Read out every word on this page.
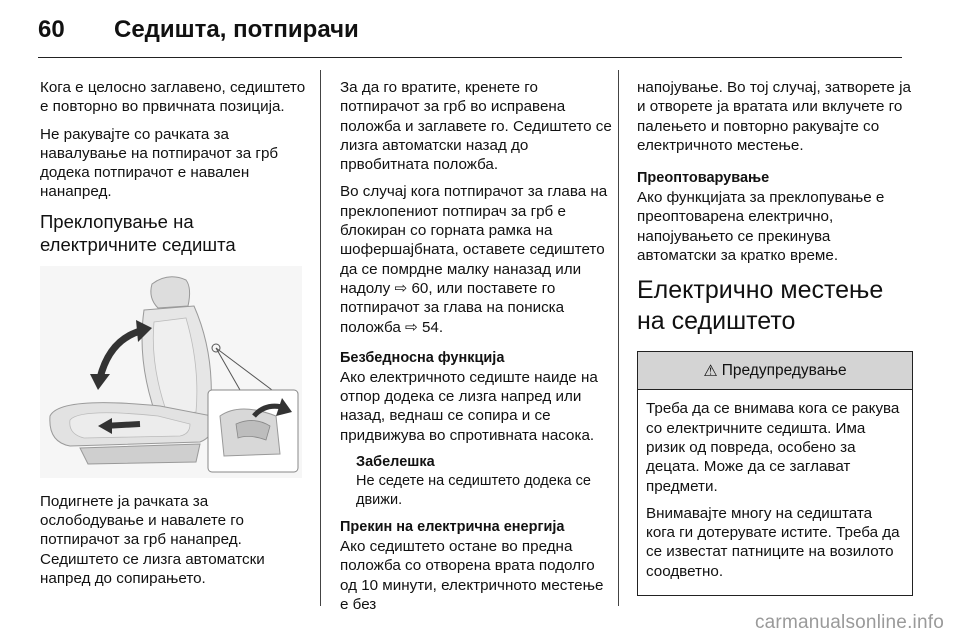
60 Седишта, потпирачи

Кога е целосно заглавено, седиштето е повторно во првичната позиција.

Не ракувајте со рачката за навалување на потпирачот за грб додека потпирачот е навален нанапред.

Преклопување на електричните седишта

Подигнете ја рачката за ослободување и навалете го потпирачот за грб нанапред. Седиштето се лизга автоматски напред до сопирањето.

За да го вратите, кренете го потпирачот за грб во исправена положба и заглавете го. Седиштето се лизга автоматски назад до првобитната положба.

Во случај кога потпирачот за глава на преклопениот потпирач за грб е блокиран со горната рамка на шофершајбната, оставете седиштето да се помрдне малку наназад или надолу ⇨ 60, или поставете го потпирачот за глава на пониска положба ⇨ 54.

Безбедносна функција

Ако електричното седиште наиде на отпор додека се лизга напред или назад, веднаш се сопира и се придвижува во спротивната насока.

Забелешка
Не седете на седиштето додека се движи.
Прекин на електрична енергија

Ако седиштето остане во предна положба со отворена врата подолго од 10 минути, електричното местење е без

напојување. Во тој случај, затворете ја и отворете ја вратата или вклучете го палењето и повторно ракувајте со електричното местење.

Преоптоварување

Ако функцијата за преклопување е преоптоварена електрично, напојувањето се прекинува автоматски за кратко време.

Електрично местење на седиштето
⚠ Предупредување

Треба да се внимава кога се ракува со електричните седишта. Има ризик од повреда, особено за децата. Може да се заглават предмети.

Внимавајте многу на седиштата кога ги дотерувате истите. Треба да се известат патниците на возилото соодветно.

carmanualsonline.info
